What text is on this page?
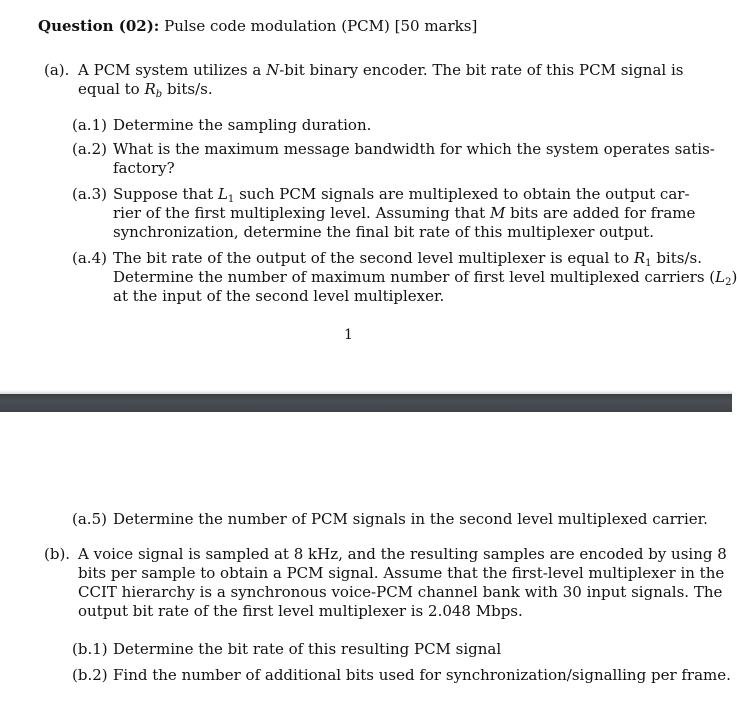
Question (02): Pulse code modulation (PCM) [50 marks]
(a). A PCM system utilizes a N-bit binary encoder. The bit rate of this PCM signal is
equal to $R_b$ bits/s.
(a.1) Determine the sampling duration.
(a.2) What is the maximum message bandwidth for which the system operates satis-
factory?
(a.3) Suppose that $L_1$ such PCM signals are multiplexed to obtain the output car-
rier of the first multiplexing level. Assuming that M bits are added for frame
synchronization, determine the final bit rate of this multiplexer output.
(a.4) The bit rate of the output of the second level multiplexer is equal to $R_1$ bits/s.
Determine the number of maximum number of first level multiplexed carriers $(L_2)$
at the input of the second level multiplexer.
1
(a.5) Determine the number of PCM signals in the second level multiplexed carrier.
(b). A voice signal is sampled at 8 kHz, and the resulting samples are encoded by using 8
bits per sample to obtain a PCM signal. Assume that the first-level multiplexer in the
CCIT hierarchy is a synchronous voice-PCM channel bank with 30 input signals. The
output bit rate of the first level multiplexer is 2.048 Mbps.
(b.1) Determine the bit rate of this resulting PCM signal
(b.2) Find the number of additional bits used for synchronization/signalling per frame.
